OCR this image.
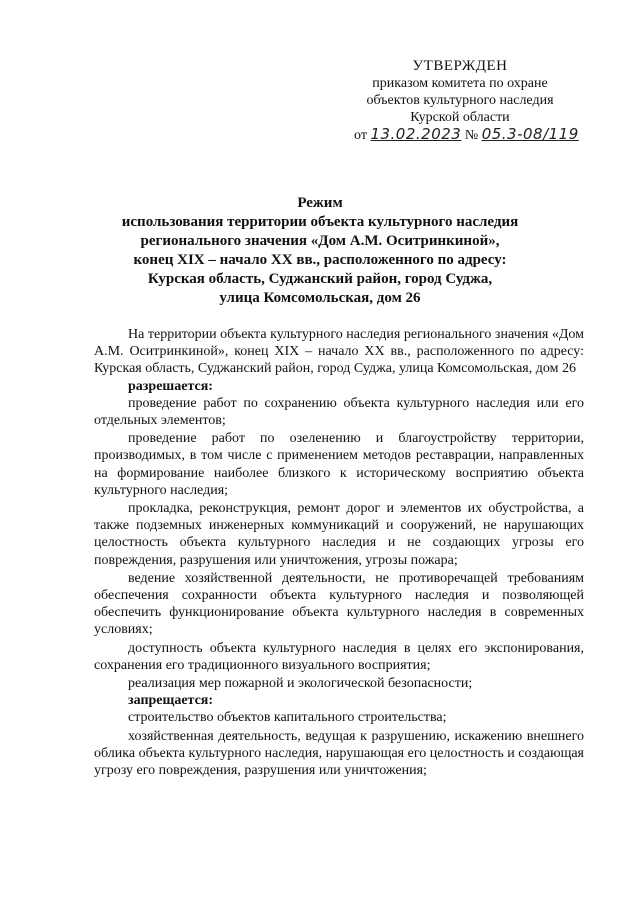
УТВЕРЖДЕН
приказом комитета по охране
объектов культурного наследия
Курской области
от 13.02.2023 № 05.3-08/119
Режим
использования территории объекта культурного наследия
регионального значения «Дом А.М. Оситринкиной»,
конец XIX – начало XX вв., расположенного по адресу:
Курская область, Суджанский район, город Суджа,
улица Комсомольская, дом 26

На территории объекта культурного наследия регионального значения «Дом А.М. Оситринкиной», конец XIX – начало XX вв., расположенного по адресу: Курская область, Суджанский район, город Суджа, улица Комсомольская, дом 26

разрешается:

проведение работ по сохранению объекта культурного наследия или его отдельных элементов;

проведение работ по озеленению и благоустройству территории, производимых, в том числе с применением методов реставрации, направленных на формирование наиболее близкого к историческому восприятию объекта культурного наследия;

прокладка, реконструкция, ремонт дорог и элементов их обустройства, а также подземных инженерных коммуникаций и сооружений, не нарушающих целостность объекта культурного наследия и не создающих угрозы его повреждения, разрушения или уничтожения, угрозы пожара;

ведение хозяйственной деятельности, не противоречащей требованиям обеспечения сохранности объекта культурного наследия и позволяющей обеспечить функционирование объекта культурного наследия в современных условиях;

доступность объекта культурного наследия в целях его экспонирования, сохранения его традиционного визуального восприятия;

реализация мер пожарной и экологической безопасности;

запрещается:

строительство объектов капитального строительства;

хозяйственная деятельность, ведущая к разрушению, искажению внешнего облика объекта культурного наследия, нарушающая его целостность и создающая угрозу его повреждения, разрушения или уничтожения;
